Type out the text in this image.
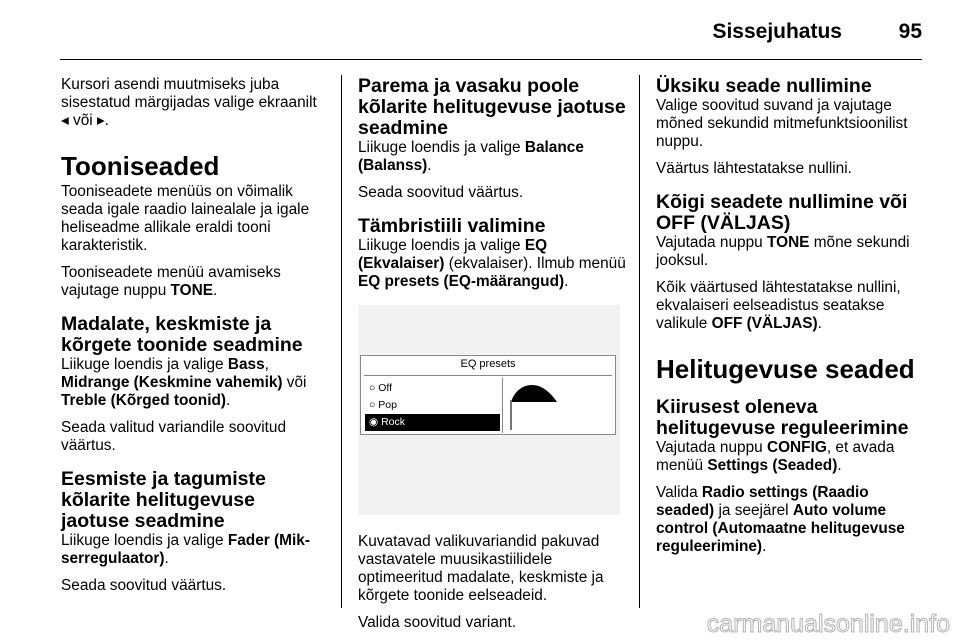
Sissejuhatus	95

Kursori asendi muutmiseks juba sisestatud märgijadas valige ekraanilt ◂ või ▸.

Tooniseaded

Tooniseadete menüüs on võimalik seada igale raadio lainealale ja igale heliseadme allikale eraldi tooni karakteristik.

Tooniseadete menüü avamiseks vajutage nuppu TONE.

Madalate, keskmiste ja kõrgete toonide seadmine

Liikuge loendis ja valige Bass, Midrange (Keskmine vahemik) või Treble (Kõrged toonid).

Seada valitud variandile soovitud väärtus.

Eesmiste ja tagumiste kõlarite helitugevuse jaotuse seadmine

Liikuge loendis ja valige Fader (Mikserregulaator).

Seada soovitud väärtus.

Parema ja vasaku poole kõlarite helitugevuse jaotuse seadmine

Liikuge loendis ja valige Balance (Balanss).

Seada soovitud väärtus.

Tämbristiili valimine

Liikuge loendis ja valige EQ (Ekvalaiser) (ekvalaiser). Ilmub menüü EQ presets (EQ-määrangud).

EQ presets
○ Off
○ Pop
◉ Rock

Kuvatavad valikuvariandid pakuvad vastavatele muusikastiilidele optimeeritud madalate, keskmiste ja kõrgete toonide eelseadeid.

Valida soovitud variant.

Üksiku seade nullimine

Valige soovitud suvand ja vajutage mõned sekundid mitmefunktsioonilist nuppu.

Väärtus lähtestatakse nullini.

Kõigi seadete nullimine või OFF (VÄLJAS)

Vajutada nuppu TONE mõne sekundi jooksul.

Kõik väärtused lähtestatakse nullini, ekvalaiseri eelseadistus seatakse valikule OFF (VÄLJAS).

Helitugevuse seaded
Kiirusest oleneva helitugevuse reguleerimine

Vajutada nuppu CONFIG, et avada menüü Settings (Seaded).

Valida Radio settings (Raadio seaded) ja seejärel Auto volume control (Automaatne helitugevuse reguleerimine).

carmanualsonline.info
